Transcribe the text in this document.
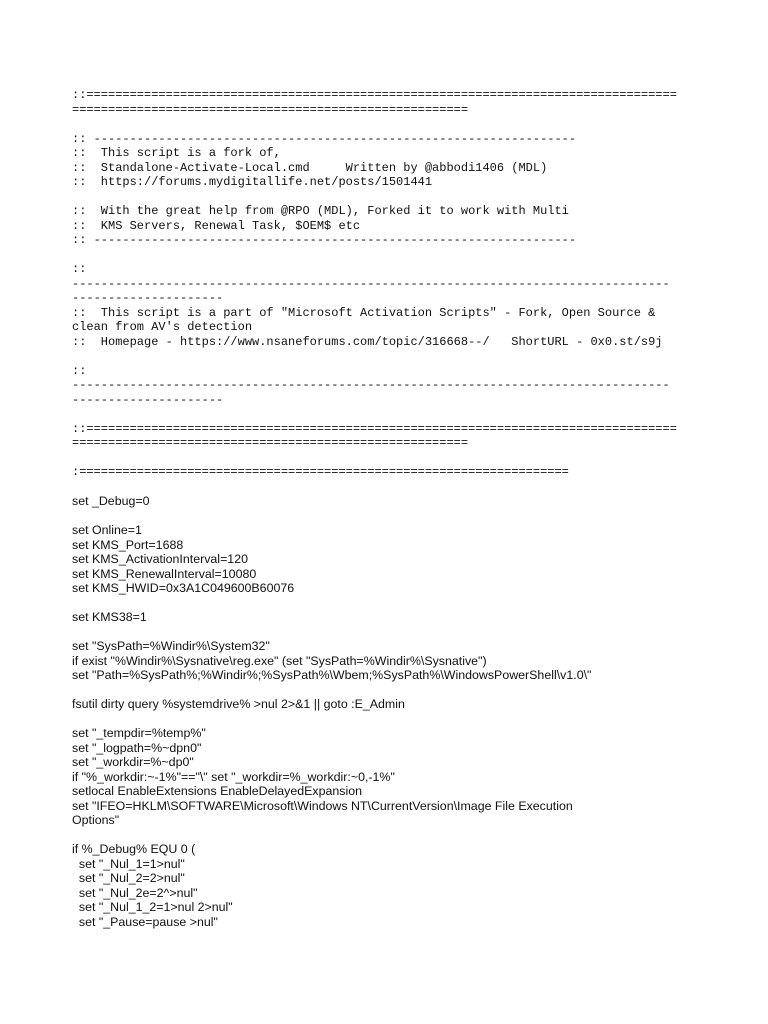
::==================================================================================
=======================================================
:: -------------------------------------------------------------------
::  This script is a fork of,
::  Standalone-Activate-Local.cmd     Written by @abbodi1406 (MDL)
::  https://forums.mydigitallife.net/posts/1501441
::  With the great help from @RPO (MDL), Forked it to work with Multi
::  KMS Servers, Renewal Task, $OEM$ etc
:: -------------------------------------------------------------------
::
-----------------------------------------------------------------------------------
---------------------
::  This script is a part of "Microsoft Activation Scripts" - Fork, Open Source &
clean from AV's detection
::  Homepage - https://www.nsaneforums.com/topic/316668--/   ShortURL - 0x0.st/s9j
::
-----------------------------------------------------------------------------------
---------------------
::==================================================================================
=======================================================
:====================================================================
set _Debug=0
set Online=1
set KMS_Port=1688
set KMS_ActivationInterval=120
set KMS_RenewalInterval=10080
set KMS_HWID=0x3A1C049600B60076
set KMS38=1
set "SysPath=%Windir%\System32"
if exist "%Windir%\Sysnative\reg.exe" (set "SysPath=%Windir%\Sysnative")
set "Path=%SysPath%;%Windir%;%SysPath%\Wbem;%SysPath%\WindowsPowerShell\v1.0\"
fsutil dirty query %systemdrive% >nul 2>&1 || goto :E_Admin
set "_tempdir=%temp%"
set "_logpath=%~dpn0"
set "_workdir=%~dp0"
if "%_workdir:~-1%"=="\" set "_workdir=%_workdir:~0,-1%"
setlocal EnableExtensions EnableDelayedExpansion
set "IFEO=HKLM\SOFTWARE\Microsoft\Windows NT\CurrentVersion\Image File Execution
Options"
if %_Debug% EQU 0 (
set "_Nul_1=1>nul"
set "_Nul_2=2>nul"
set "_Nul_2e=2^>nul"
set "_Nul_1_2=1>nul 2>nul"
set "_Pause=pause >nul"
